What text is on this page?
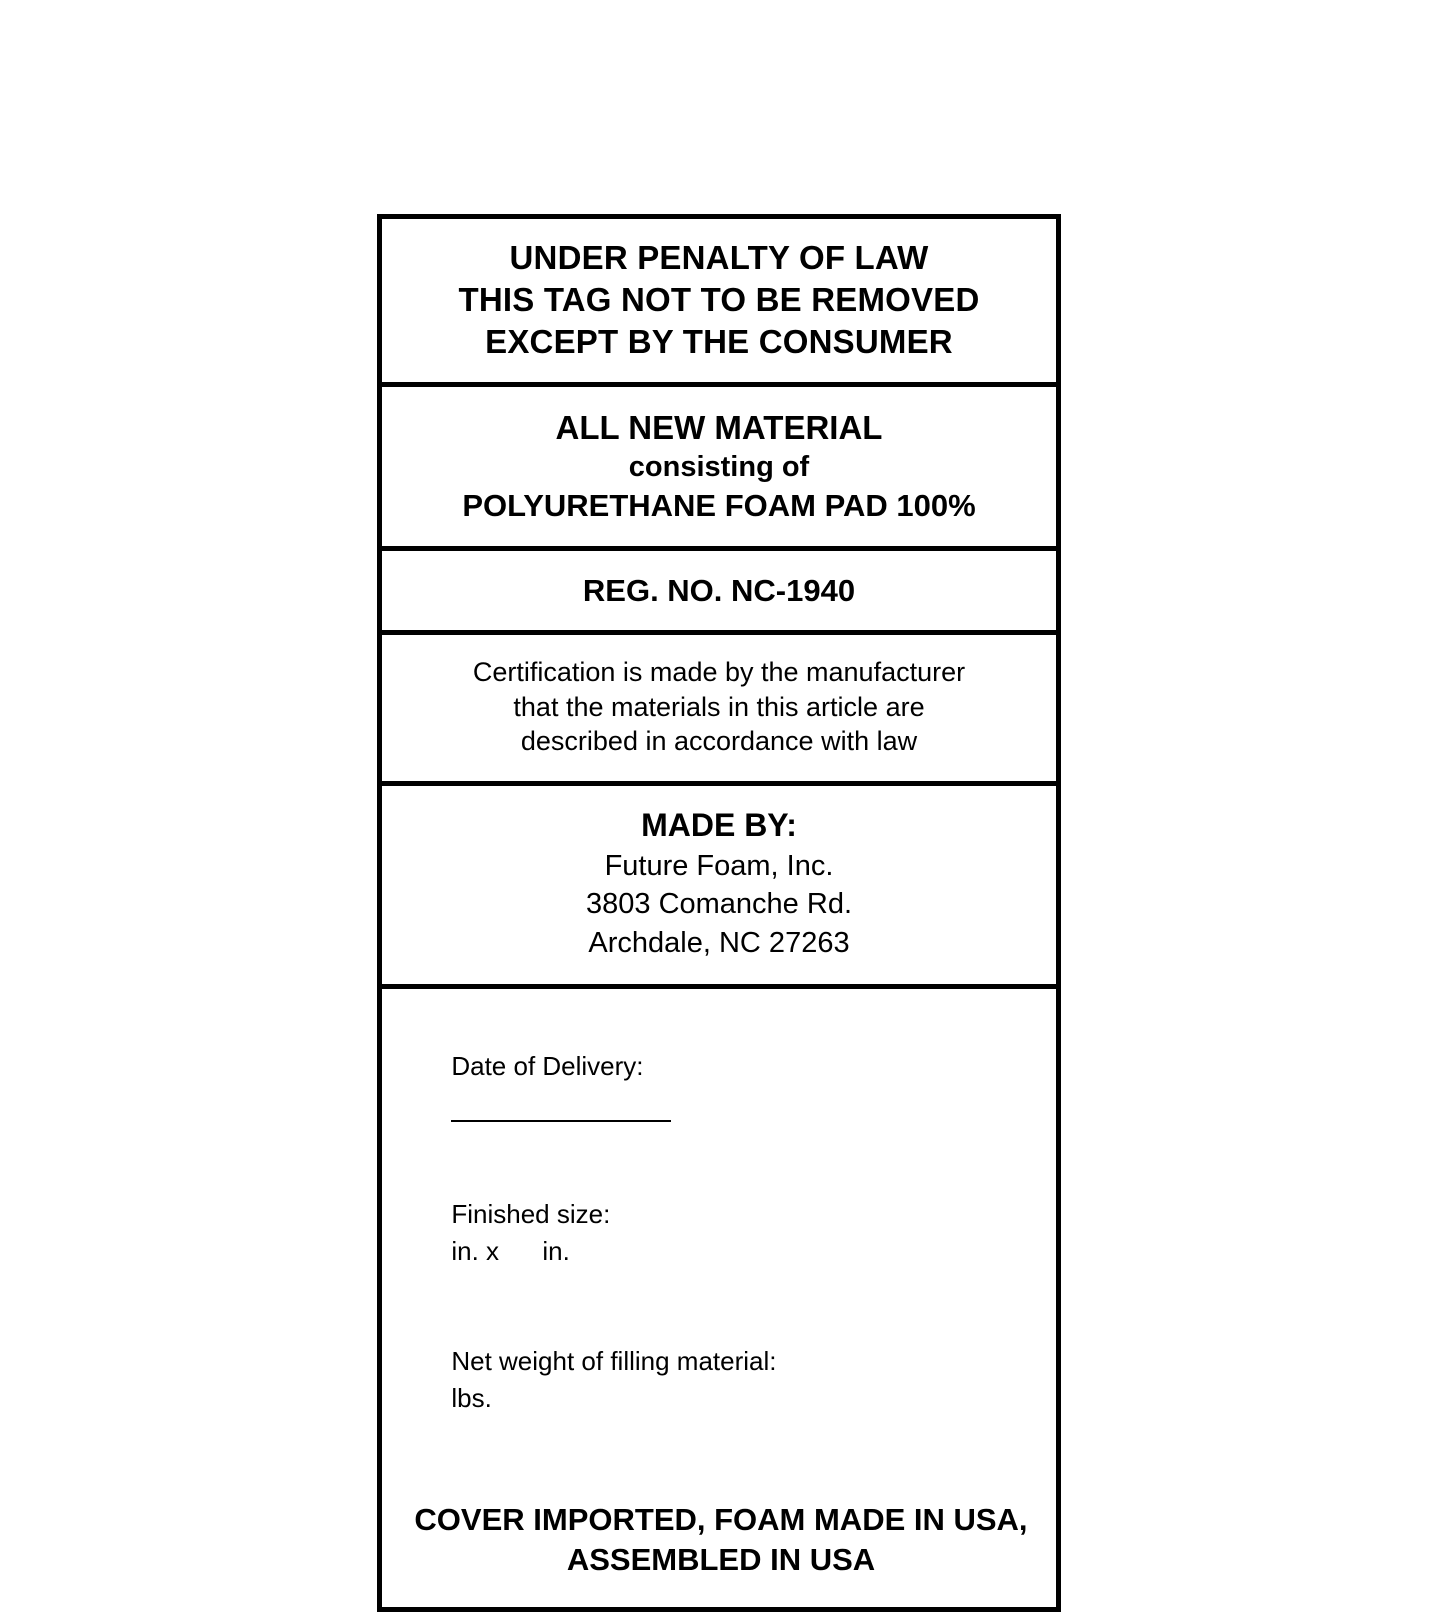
UNDER PENALTY OF LAW
THIS TAG NOT TO BE REMOVED
EXCEPT BY THE CONSUMER
ALL NEW MATERIAL
consisting of
POLYURETHANE FOAM PAD 100%
REG. NO. NC-1940
Certification is made by the manufacturer
that the materials in this article are
described in accordance with law
MADE BY:
Future Foam, Inc.
3803 Comanche Rd.
Archdale, NC 27263

Date of Delivery:

Finished size:
in. x      in.

Net weight of filling material:
lbs.

COVER IMPORTED, FOAM MADE IN USA,
ASSEMBLED IN USA
